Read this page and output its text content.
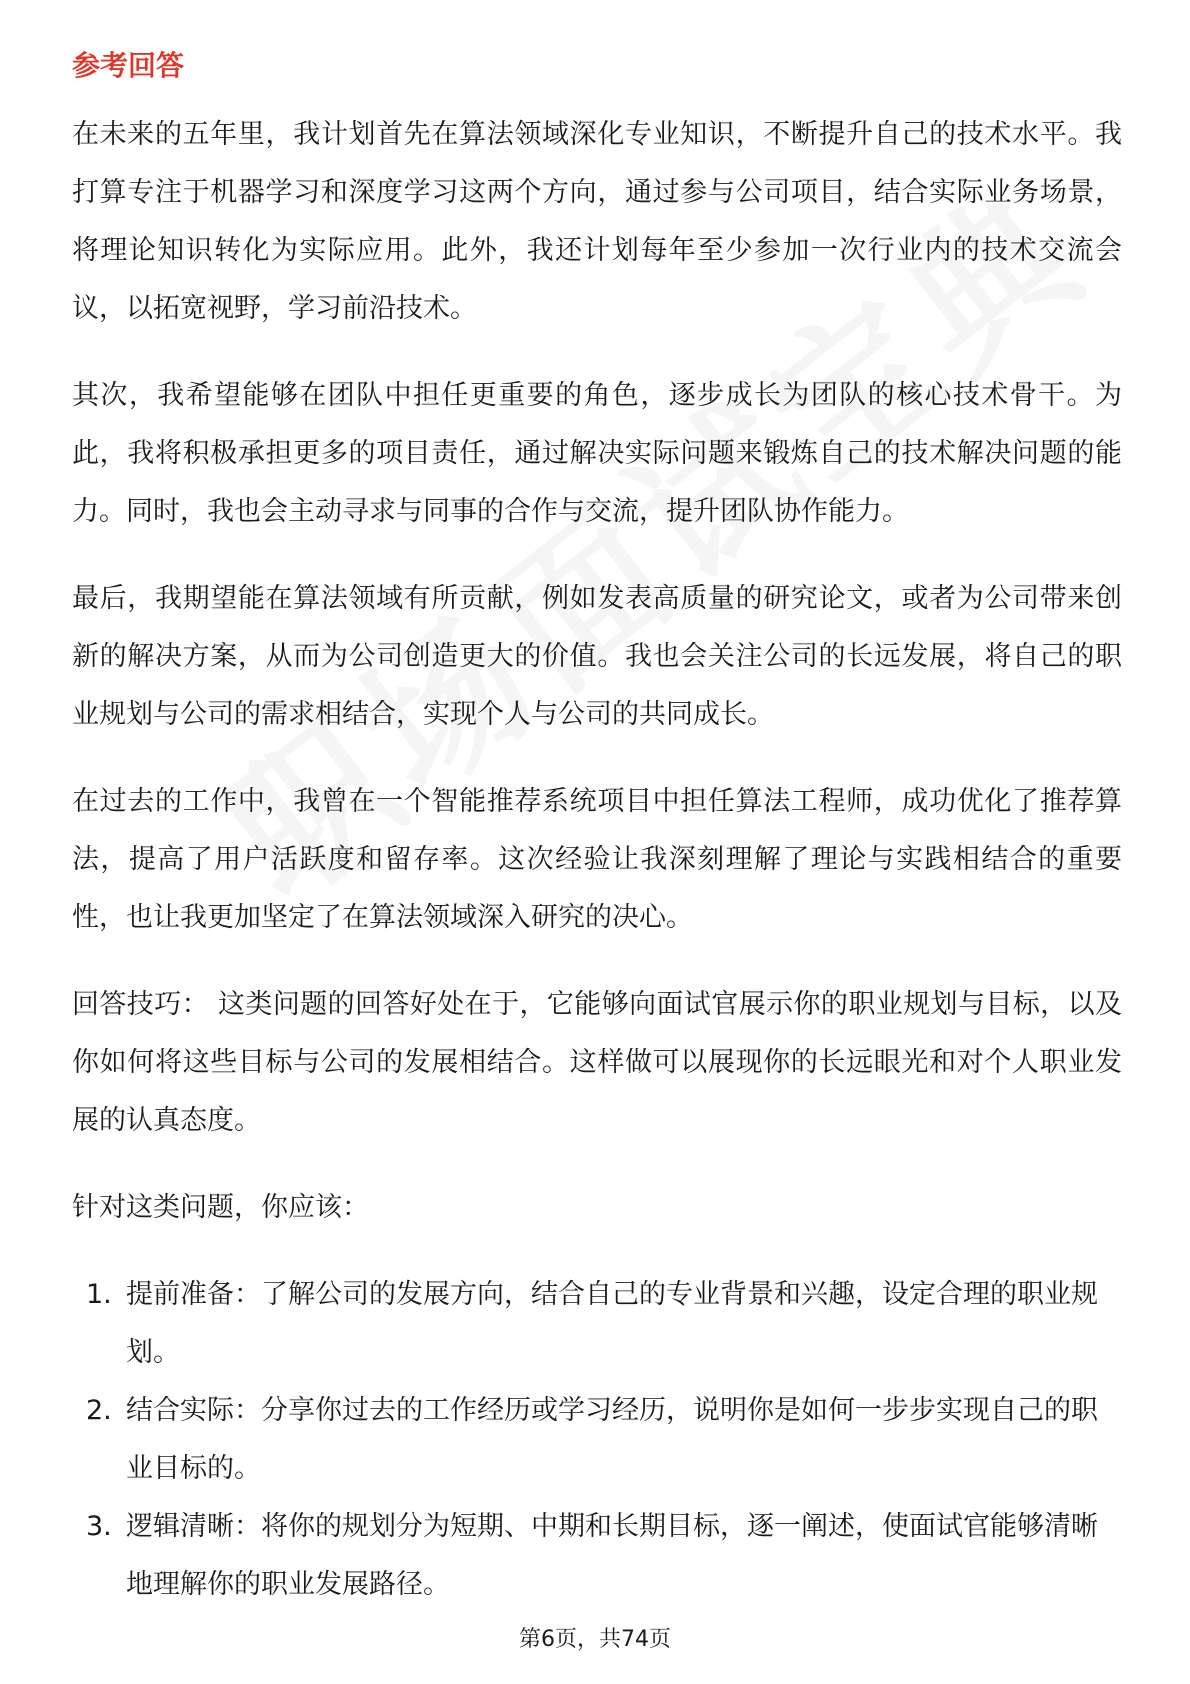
参考回答

在未来的五年里，我计划首先在算法领域深化专业知识，不断提升自己的技术水平。我打算专注于机器学习和深度学习这两个方向，通过参与公司项目，结合实际业务场景，将理论知识转化为实际应用。此外，我还计划每年至少参加一次行业内的技术交流会议，以拓宽视野，学习前沿技术。

其次，我希望能够在团队中担任更重要的角色，逐步成长为团队的核心技术骨干。为此，我将积极承担更多的项目责任，通过解决实际问题来锻炼自己的技术解决问题的能力。同时，我也会主动寻求与同事的合作与交流，提升团队协作能力。

最后，我期望能在算法领域有所贡献，例如发表高质量的研究论文，或者为公司带来创新的解决方案，从而为公司创造更大的价值。我也会关注公司的长远发展，将自己的职业规划与公司的需求相结合，实现个人与公司的共同成长。

在过去的工作中，我曾在一个智能推荐系统项目中担任算法工程师，成功优化了推荐算法，提高了用户活跃度和留存率。这次经验让我深刻理解了理论与实践相结合的重要性，也让我更加坚定了在算法领域深入研究的决心。

回答技巧： 这类问题的回答好处在于，它能够向面试官展示你的职业规划与目标，以及你如何将这些目标与公司的发展相结合。这样做可以展现你的长远眼光和对个人职业发展的认真态度。

针对这类问题，你应该：

1. 提前准备：了解公司的发展方向，结合自己的专业背景和兴趣，设定合理的职业规划。
2. 结合实际：分享你过去的工作经历或学习经历，说明你是如何一步步实现自己的职业目标的。
3. 逻辑清晰：将你的规划分为短期、中期和长期目标，逐一阐述，使面试官能够清晰地理解你的职业发展路径。
第6页，共74页
